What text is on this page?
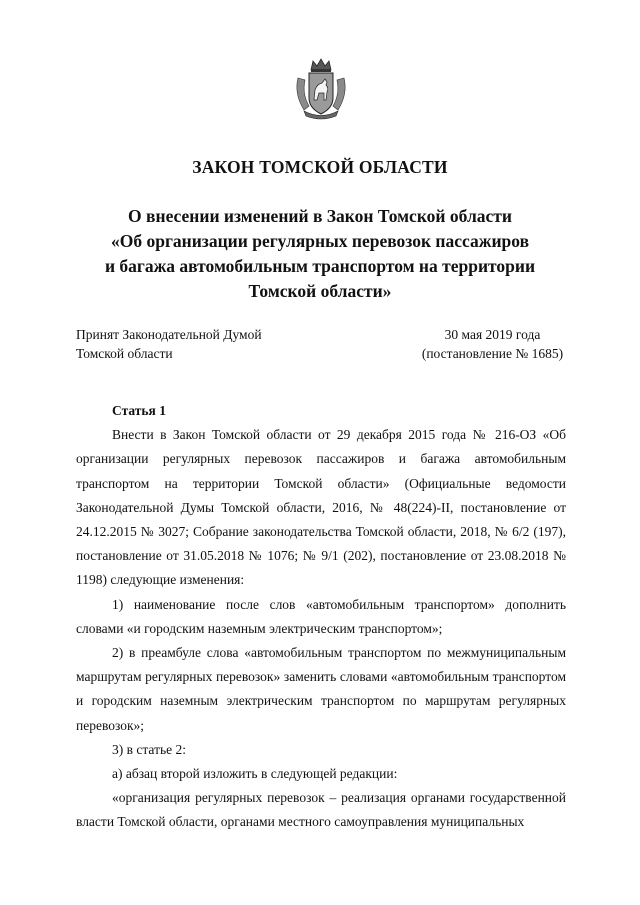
ЗАКОН ТОМСКОЙ ОБЛАСТИ
О внесении изменений в Закон Томской области
«Об организации регулярных перевозок пассажиров
и багажа автомобильным транспортом на территории
Томской области»
Принят Законодательной Думой
Томской области
30 мая 2019 года
(постановление № 1685)

Статья 1

Внести в Закон Томской области от 29 декабря 2015 года № 216-ОЗ «Об организации регулярных перевозок пассажиров и багажа автомобильным транспортом на территории Томской области» (Официальные ведомости Законодательной Думы Томской области, 2016, № 48(224)-II, постановление от 24.12.2015 № 3027; Собрание законодательства Томской области, 2018, № 6/2 (197), постановление от 31.05.2018 № 1076; № 9/1 (202), постановление от 23.08.2018 № 1198) следующие изменения:

1) наименование после слов «автомобильным транспортом» дополнить словами «и городским наземным электрическим транспортом»;

2) в преамбуле слова «автомобильным транспортом по межмуниципальным маршрутам регулярных перевозок» заменить словами «автомобильным транспортом и городским наземным электрическим транспортом по маршрутам регулярных перевозок»;

3) в статье 2:

а) абзац второй изложить в следующей редакции:

«организация регулярных перевозок – реализация органами государственной власти Томской области, органами местного самоуправления муниципальных
